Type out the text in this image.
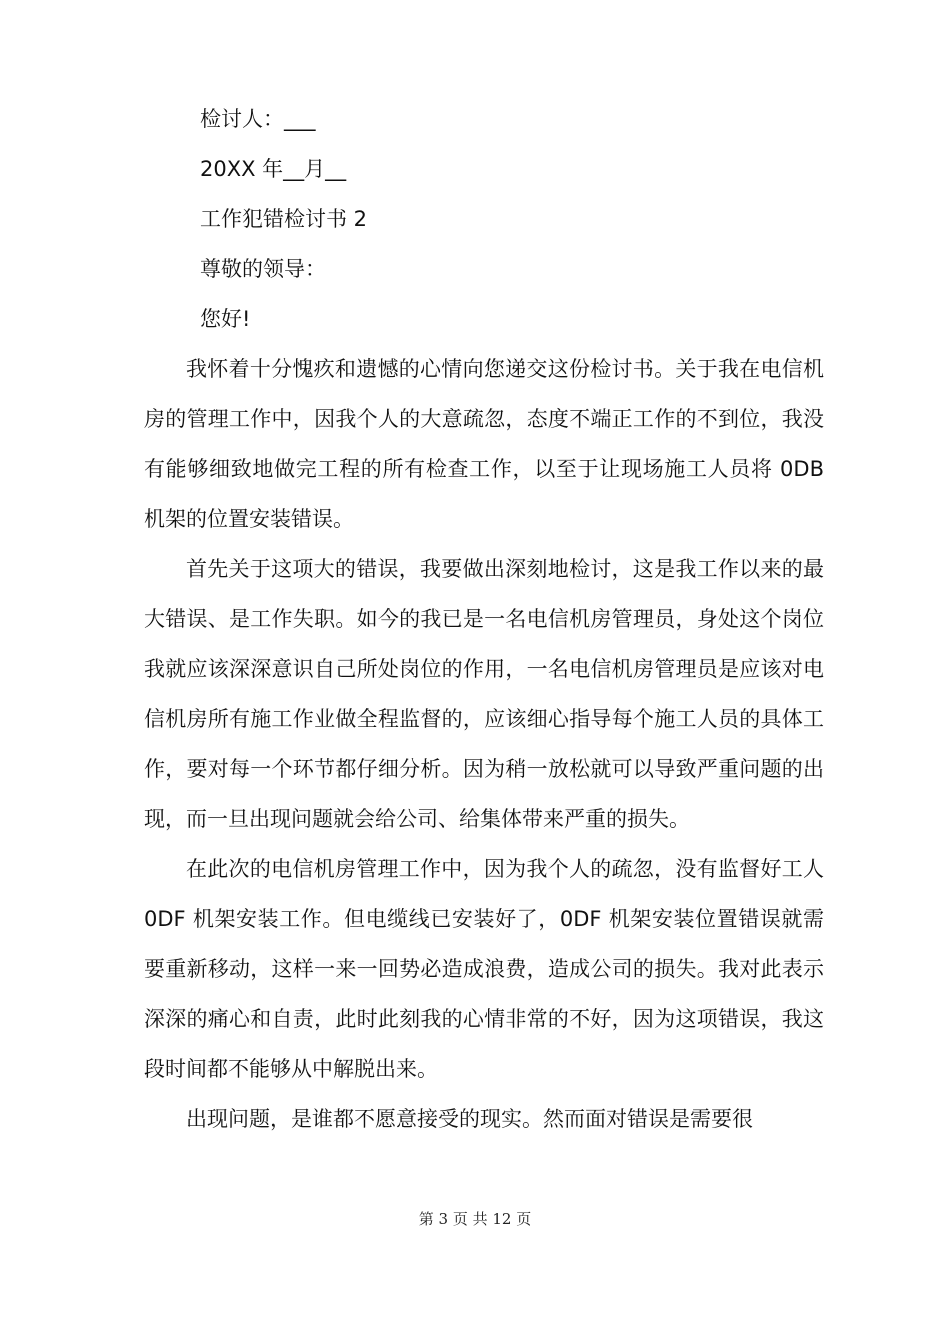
检讨人：___
20XX 年__月__
工作犯错检讨书 2
尊敬的领导：
您好!

我怀着十分愧疚和遗憾的心情向您递交这份检讨书。关于我在电信机房的管理工作中，因我个人的大意疏忽，态度不端正工作的不到位，我没有能够细致地做完工程的所有检查工作，以至于让现场施工人员将 0DB 机架的位置安装错误。

首先关于这项大的错误，我要做出深刻地检讨，这是我工作以来的最大错误、是工作失职。如今的我已是一名电信机房管理员，身处这个岗位我就应该深深意识自己所处岗位的作用，一名电信机房管理员是应该对电信机房所有施工作业做全程监督的，应该细心指导每个施工人员的具体工作，要对每一个环节都仔细分析。因为稍一放松就可以导致严重问题的出现，而一旦出现问题就会给公司、给集体带来严重的损失。

在此次的电信机房管理工作中，因为我个人的疏忽，没有监督好工人 0DF 机架安装工作。但电缆线已安装好了，0DF 机架安装位置错误就需要重新移动，这样一来一回势必造成浪费，造成公司的损失。我对此表示深深的痛心和自责，此时此刻我的心情非常的不好，因为这项错误，我这段时间都不能够从中解脱出来。

出现问题，是谁都不愿意接受的现实。然而面对错误是需要很

第 3 页 共 12 页
